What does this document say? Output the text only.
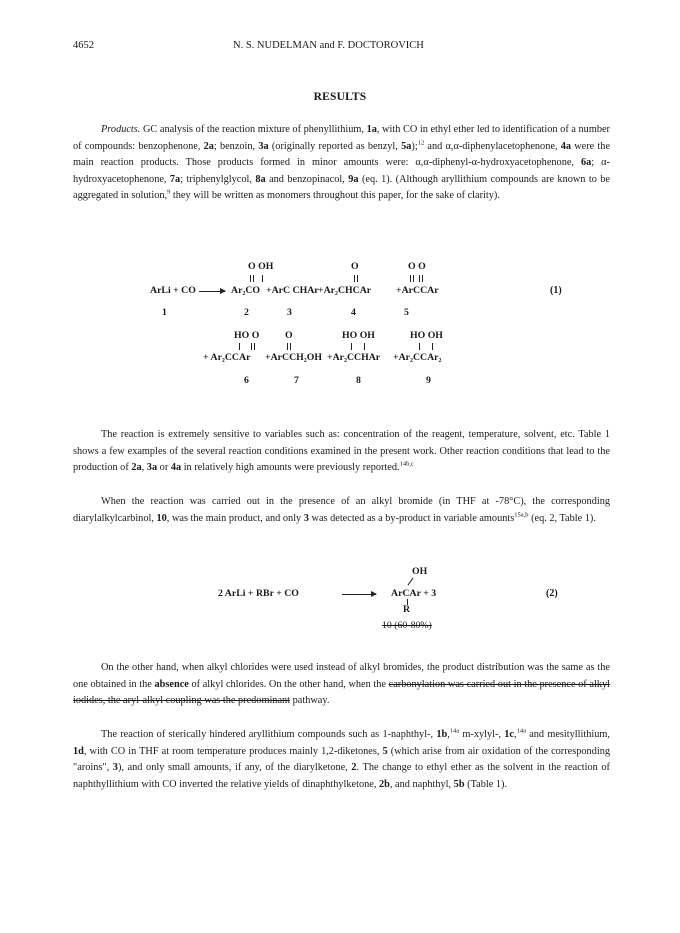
4652	N. S. NUDELMAN and F. DOCTOROVICH
RESULTS

Products. GC analysis of the reaction mixture of phenyllithium, 1a, with CO in ethyl ether led to identification of a number of compounds: benzophenone, 2a; benzoin, 3a (originally reported as benzyl, 5a);$^{12}$ and α,α-diphenylacetophenone, 4a were the main reaction products. Those products formed in minor amounts were: α,α-diphenyl-α-hydroxyacetophenone, 6a; α-hydroxyacetophenone, 7a; triphenylglycol, 8a and benzopinacol, 9a (eq. 1). (Although aryllithium compounds are known to be aggregated in solution,$^9$ they will be written as monomers throughout this paper, for the sake of clarity).

O OH	O	O O
ArLi + CO → Ar₂CO +ArC CHAr +Ar₂CHCAr	+ArCCAr	(1)
1	2	3	4	5
HO O	O	HO OH	HO OH
+ Ar₂CCAr +ArCCH₂OH +Ar₂CCHAr +Ar₂CCAr₂
6	7	8	9

The reaction is extremely sensitive to variables such as: concentration of the reagent, temperature, solvent, etc. Table 1 shows a few examples of the several reaction conditions examined in the present work. Other reaction conditions that lead to the production of 2a, 3a or 4a in relatively high amounts were previously reported.$^{14b,c}$

When the reaction was carried out in the presence of an alkyl bromide (in THF at -78°C), the corresponding diarylalkylcarbinol, 10, was the main product, and only 3 was detected as a by-product in variable amounts$^{15a,b}$ (eq. 2, Table 1).

OH
2 ArLi + RBr + CO	→ ArCAr + 3	(2)
R
10 (60-80%)

On the other hand, when alkyl chlorides were used instead of alkyl bromides, the product distribution was the same as the one obtained in the absence of alkyl chlorides. On the other hand, when the carbonylation was carried out in the presence of alkyl iodides, the aryl-alkyl coupling was the predominant pathway.

The reaction of sterically hindered aryllithium compounds such as 1-naphthyl-, 1b,$^{14a}$ m-xylyl-, 1c,$^{14a}$ and mesityllithium, 1d, with CO in THF at room temperature produces mainly 1,2-diketones, 5 (which arise from air oxidation of the corresponding "aroins", 3), and only small amounts, if any, of the diarylketone, 2. The change to ethyl ether as the solvent in the reaction of naphthyllithium with CO inverted the relative yields of dinaphthylketone, 2b, and naphthyl, 5b (Table 1).
